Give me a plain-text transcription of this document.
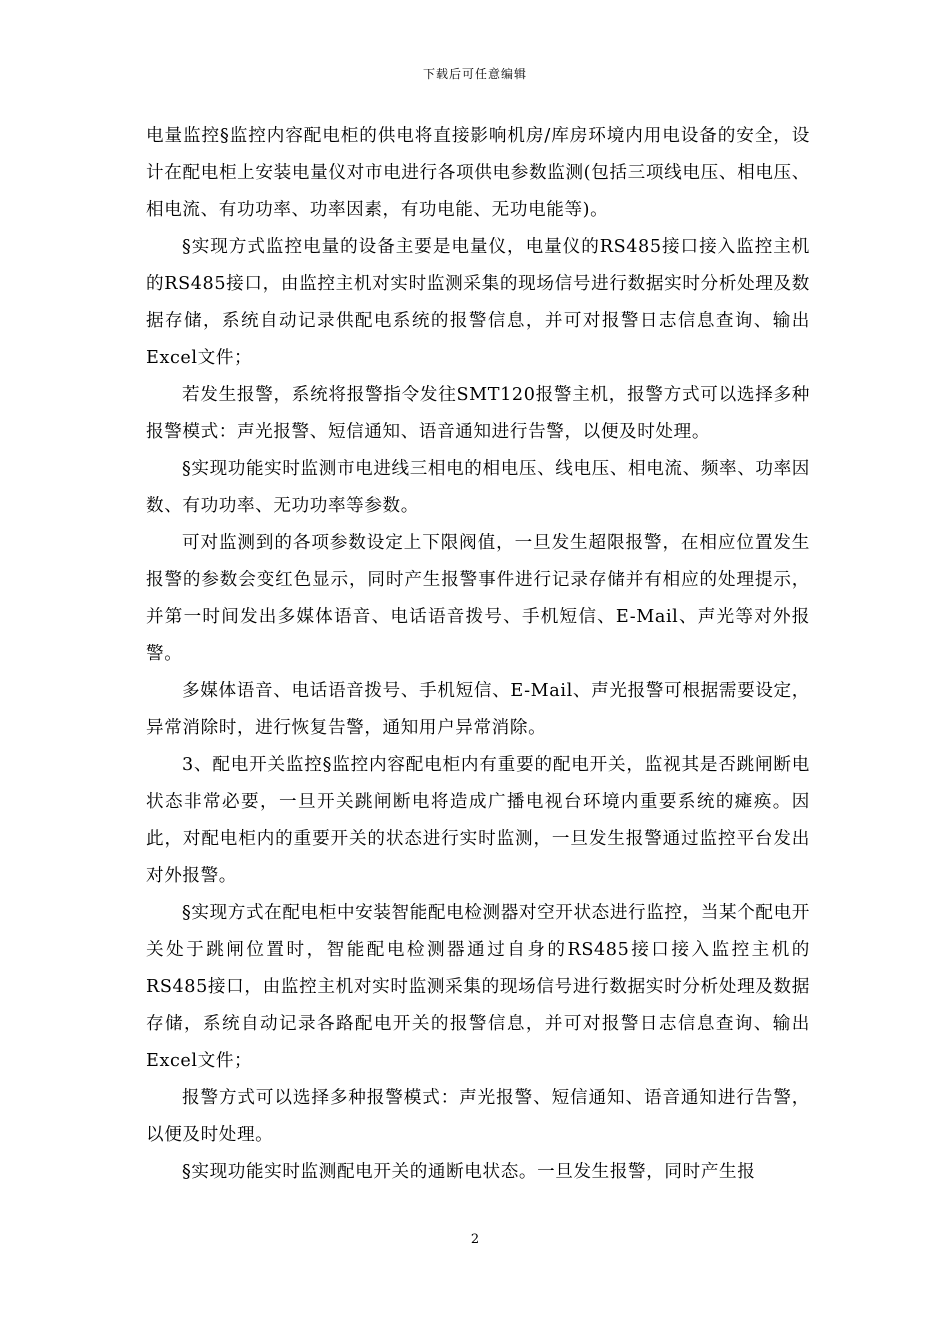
下载后可任意编辑

电量监控§监控内容配电柜的供电将直接影响机房/库房环境内用电设备的安全，设计在配电柜上安装电量仪对市电进行各项供电参数监测(包括三项线电压、相电压、相电流、有功功率、功率因素，有功电能、无功电能等)。

§实现方式监控电量的设备主要是电量仪，电量仪的RS485接口接入监控主机的RS485接口，由监控主机对实时监测采集的现场信号进行数据实时分析处理及数据存储，系统自动记录供配电系统的报警信息，并可对报警日志信息查询、输出Excel文件；

若发生报警，系统将报警指令发往SMT120报警主机，报警方式可以选择多种报警模式：声光报警、短信通知、语音通知进行告警，以便及时处理。

§实现功能实时监测市电进线三相电的相电压、线电压、相电流、频率、功率因数、有功功率、无功功率等参数。

可对监测到的各项参数设定上下限阀值，一旦发生超限报警，在相应位置发生报警的参数会变红色显示，同时产生报警事件进行记录存储并有相应的处理提示，并第一时间发出多媒体语音、电话语音拨号、手机短信、E-Mail、声光等对外报警。

多媒体语音、电话语音拨号、手机短信、E-Mail、声光报警可根据需要设定，异常消除时，进行恢复告警，通知用户异常消除。

3、配电开关监控§监控内容配电柜内有重要的配电开关，监视其是否跳闸断电状态非常必要，一旦开关跳闸断电将造成广播电视台环境内重要系统的瘫痪。因此，对配电柜内的重要开关的状态进行实时监测，一旦发生报警通过监控平台发出对外报警。

§实现方式在配电柜中安装智能配电检测器对空开状态进行监控，当某个配电开关处于跳闸位置时，智能配电检测器通过自身的RS485接口接入监控主机的RS485接口，由监控主机对实时监测采集的现场信号进行数据实时分析处理及数据存储，系统自动记录各路配电开关的报警信息，并可对报警日志信息查询、输出Excel文件；

报警方式可以选择多种报警模式：声光报警、短信通知、语音通知进行告警，以便及时处理。

§实现功能实时监测配电开关的通断电状态。一旦发生报警，同时产生报

2
